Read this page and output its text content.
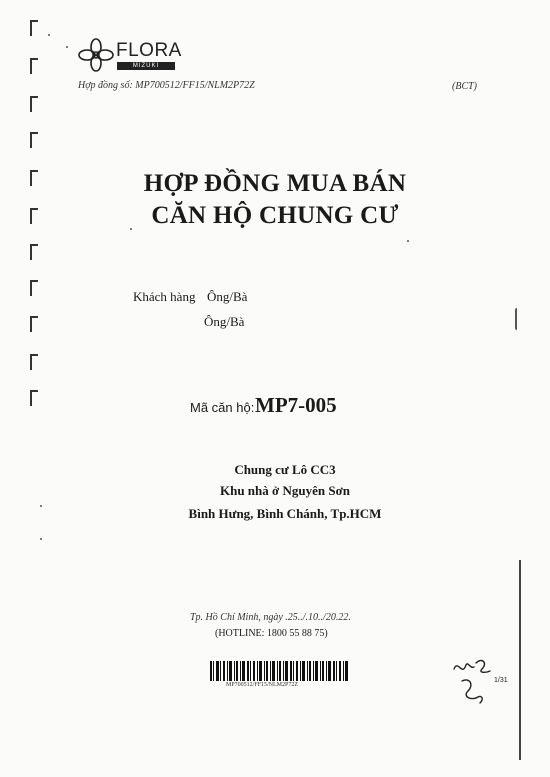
FLORA
MIZUKI
Hợp đồng số: MP700512/FF15/NLM2P72Z	(BCT)
HỢP ĐỒNG MUA BÁN
CĂN HỘ CHUNG CƯ
Khách hàng Ông/Bà
Ông/Bà
Mã căn hộ: MP7-005
Chung cư Lô CC3
Khu nhà ở Nguyên Sơn
Bình Hưng, Bình Chánh, Tp.HCM
Tp. Hồ Chí Minh, ngày .25../.10../20.22.
(HOTLINE: 1800 55 88 75)
MP700512/FF15/NLM2P72Z
1/31
